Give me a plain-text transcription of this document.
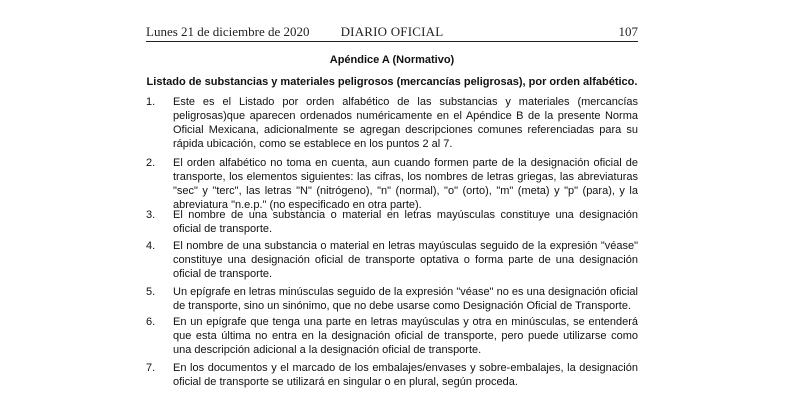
Lunes 21 de diciembre de 2020	DIARIO OFICIAL	107
Apéndice A (Normativo)
Listado de substancias y materiales peligrosos (mercancías peligrosas), por orden alfabético.
1.	Este es el Listado por orden alfabético de las substancias y materiales (mercancías peligrosas)que aparecen ordenados numéricamente en el Apéndice B de la presente Norma Oficial Mexicana, adicionalmente se agregan descripciones comunes referenciadas para su rápida ubicación, como se establece en los puntos 2 al 7.
2.	El orden alfabético no toma en cuenta, aun cuando formen parte de la designación oficial de transporte, los elementos siguientes: las cifras, los nombres de letras griegas, las abreviaturas "sec" y "terc", las letras "N" (nitrógeno), "n" (normal), "o" (orto), "m" (meta) y "p" (para), y la abreviatura "n.e.p." (no especificado en otra parte).
3.	El nombre de una substancia o material en letras mayúsculas constituye una designación oficial de transporte.
4.	El nombre de una substancia o material en letras mayúsculas seguido de la expresión "véase" constituye una designación oficial de transporte optativa o forma parte de una designación oficial de transporte.
5.	Un epígrafe en letras minúsculas seguido de la expresión "véase" no es una designación oficial de transporte, sino un sinónimo, que no debe usarse como Designación Oficial de Transporte.
6.	En un epígrafe que tenga una parte en letras mayúsculas y otra en minúsculas, se entenderá que esta última no entra en la designación oficial de transporte, pero puede utilizarse como una descripción adicional a la designación oficial de transporte.
7.	En los documentos y el marcado de los embalajes/envases y sobre-embalajes, la designación oficial de transporte se utilizará en singular o en plural, según proceda.
